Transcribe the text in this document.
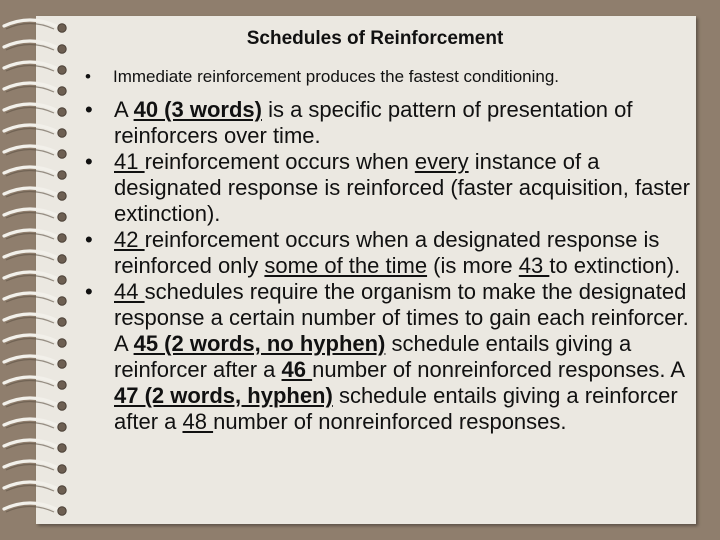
Schedules of Reinforcement
• Immediate reinforcement produces the fastest conditioning.
• A 40 (3 words) is a specific pattern of presentation of reinforcers over time.
• 41 reinforcement occurs when every instance of a designated response is reinforced (faster acquisition, faster extinction).
• 42 reinforcement occurs when a designated response is reinforced only some of the time (is more 43 to extinction).
• 44 schedules require the organism to make the designated response a certain number of times to gain each reinforcer. A 45 (2 words, no hyphen) schedule entails giving a reinforcer after a 46 number of nonreinforced responses. A 47 (2 words, hyphen) schedule entails giving a reinforcer after a 48 number of nonreinforced responses.
